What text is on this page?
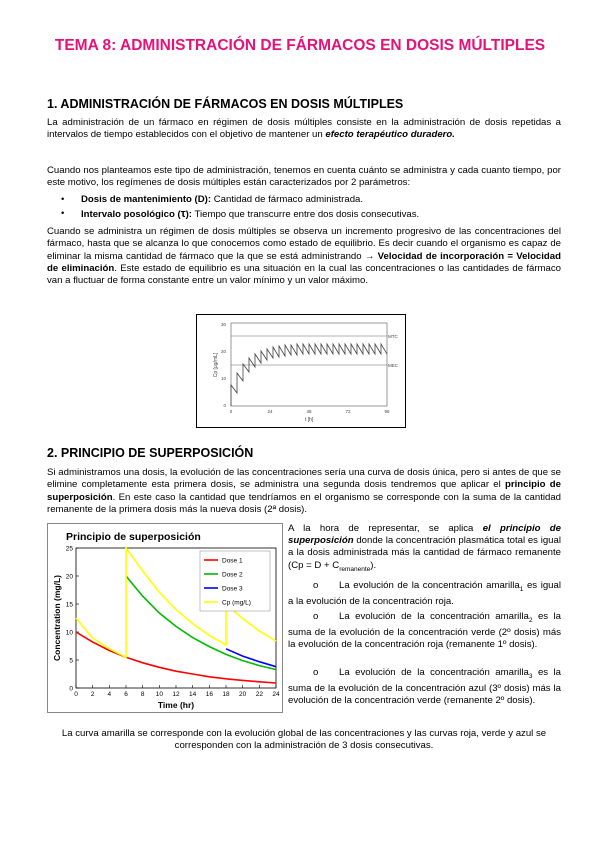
TEMA 8: ADMINISTRACIÓN DE FÁRMACOS EN DOSIS MÚLTIPLES
1. ADMINISTRACIÓN DE FÁRMACOS EN DOSIS MÚLTIPLES
La administración de un fármaco en régimen de dosis múltiples consiste en la administración de dosis repetidas a intervalos de tiempo establecidos con el objetivo de mantener un efecto terapéutico duradero.
Cuando nos planteamos este tipo de administración, tenemos en cuenta cuánto se administra y cada cuanto tiempo, por este motivo, los regímenes de dosis múltiples están caracterizados por 2 parámetros:
• Dosis de mantenimiento (D): Cantidad de fármaco administrada.
• Intervalo posológico (τ): Tiempo que transcurre entre dos dosis consecutivas.
Cuando se administra un régimen de dosis múltiples se observa un incremento progresivo de las concentraciones del fármaco, hasta que se alcanza lo que conocemos como estado de equilibrio. Es decir cuando el organismo es capaz de eliminar la misma cantidad de fármaco que la que se está administrando → Velocidad de incorporación = Velocidad de eliminación. Este estado de equilibrio es una situación en la cual las concentraciones o las cantidades de fármaco van a fluctuar de forma constante entre un valor mínimo y un valor máximo.
MTC
MEC
30
20
10
0
0	24	48	72	96
t [h]
Cp [μg/mL]
2. PRINCIPIO DE SUPERPOSICIÓN
Si administramos una dosis, la evolución de las concentraciones sería una curva de dosis única, pero si antes de que se elimine completamente esta primera dosis, se administra una segunda dosis tendremos que aplicar el principio de superposición. En este caso la cantidad que tendríamos en el organismo se corresponde con la suma de la cantidad remanente de la primera dosis más la nueva dosis (2ª dosis).
Principio de superposición
Concentration (mg/L)
Time (hr)
0 2 4 6 8 10 12 14 16 18 20 22 24
0
5
10
15
20
25
Dose 1
Dose 2
Dose 3
Cp (mg/L)
A la hora de representar, se aplica el principio de superposición donde la concentración plasmática total es igual a la dosis administrada más la cantidad de fármaco remanente $(Cp = D + C_{remanente})$.
o La evolución de la concentración amarilla$_1$ es igual a la evolución de la concentración roja.
o La evolución de la concentración amarilla$_2$ es la suma de la evolución de la concentración verde (2º dosis) más la evolución de la concentración roja (remanente 1º dosis).
o La evolución de la concentración amarilla$_3$ es la suma de la evolución de la concentración azul (3º dosis) más la evolución de la concentración verde (remanente 2º dosis).
La curva amarilla se corresponde con la evolución global de las concentraciones y las curvas roja, verde y azul se corresponden con la administración de 3 dosis consecutivas.
